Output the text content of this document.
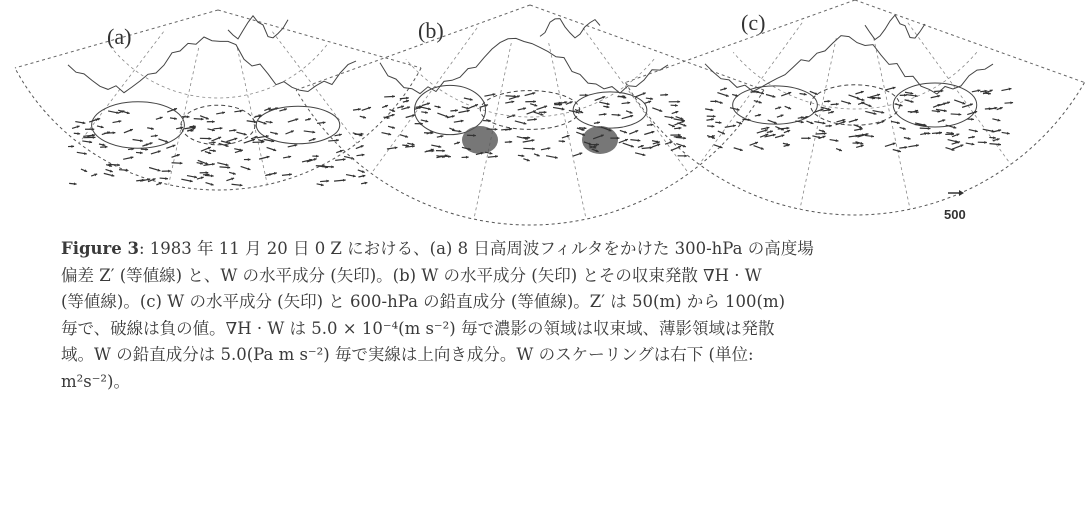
(a)	(b)	(c)
500
Figure 3: 1983 年 11 月 20 日 0 Z における、(a) 8 日高周波フィルタをかけた 300-hPa の高度場
偏差 Z′ (等値線) と、W の水平成分 (矢印)。(b) W の水平成分 (矢印) とその収束発散 ∇H · W
(等値線)。(c) W の水平成分 (矢印) と 600-hPa の鉛直成分 (等値線)。Z′ は 50(m) から 100(m)
毎で、破線は負の値。∇H · W は 5.0 × 10⁻⁴(m s⁻²) 毎で濃影の領域は収束域、薄影領域は発散
域。W の鉛直成分は 5.0(Pa m s⁻²) 毎で実線は上向き成分。W のスケーリングは右下 (単位:
m²s⁻²)。
